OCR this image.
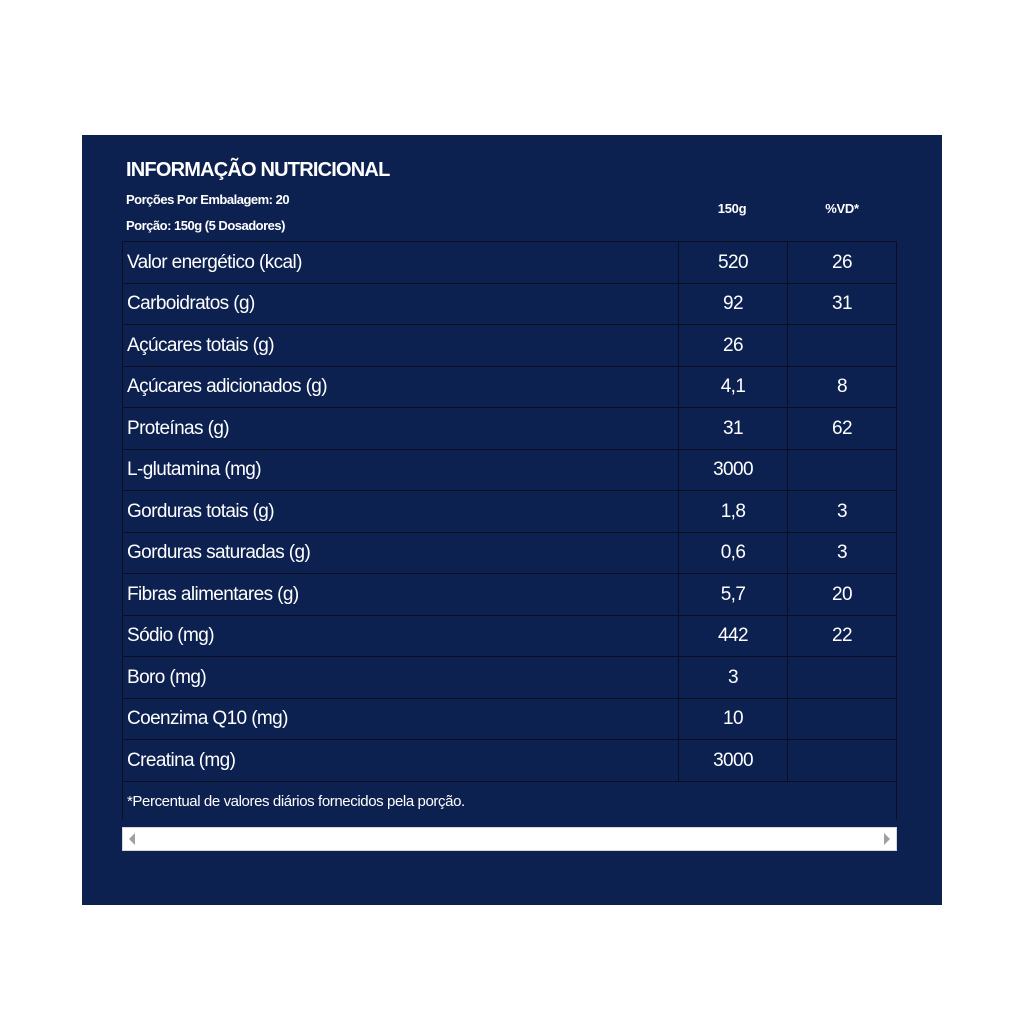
INFORMAÇÃO NUTRICIONAL
Porções Por Embalagem: 20
Porção: 150g (5 Dosadores)
150g	%VD*
Valor energético (kcal)	520	26
Carboidratos (g)	92	31
Açúcares totais (g)	26
Açúcares adicionados (g)	4,1	8
Proteínas (g)	31	62
L-glutamina (mg)	3000
Gorduras totais (g)	1,8	3
Gorduras saturadas (g)	0,6	3
Fibras alimentares (g)	5,7	20
Sódio (mg)	442	22
Boro (mg)	3
Coenzima Q10 (mg)	10
Creatina (mg)	3000
*Percentual de valores diários fornecidos pela porção.
